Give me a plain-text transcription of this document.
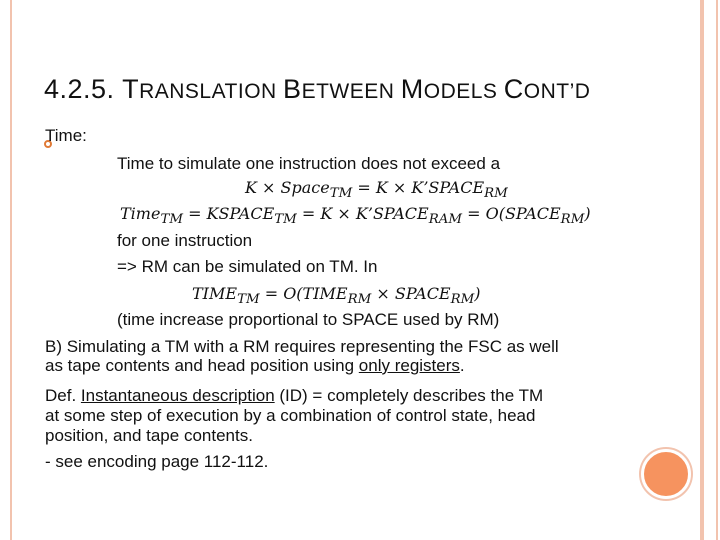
4.2.5. TRANSLATION BETWEEN MODELS CONT’D
Time:
Time to simulate one instruction does not exceed a
K × Space$_{TM}$ = $K \times K’SPACE_{RM}$
Time$_{TM}$ = $KSPACE_{TM} = K$ × $K’SPACE_{RAM}$ = $O(SPACE_{RM})$
for one instruction
=> RM can be simulated on TM. In
$TIME_{TM}$ = $O(TIME_{RM}$ × $SPACE_{RM}$)
(time increase proportional to SPACE used by RM)
B) Simulating a TM with a RM requires representing the FSC as well
as tape contents and head position using only registers.
Def. Instantaneous description (ID) = completely describes the TM
at some step of execution by a combination of control state, head
position, and tape contents.
- see encoding page 112-112.
